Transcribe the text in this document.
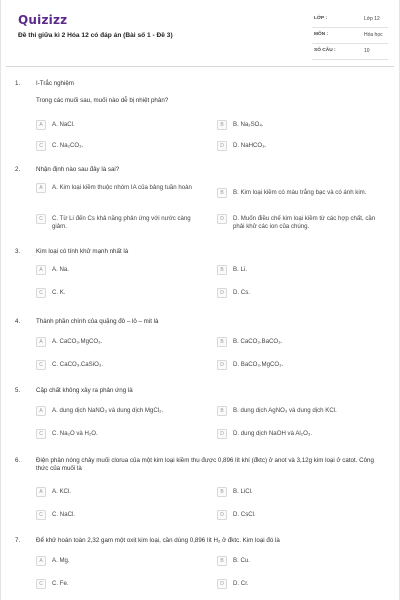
Quizizz
Đề thi giữa kì 2 Hóa 12 có đáp án (Bài số 1 - Đề 3)
LỚP :	Lớp 12
MÔN :	Hóa học
SỐ CÂU :	10
1.	I-Trắc nghiệm
Trong các muối sau, muối nào dễ bị nhiệt phân?
A	A. NaCl.	B	B. Na₂SO₄.
C	C. Na₂CO₃.	D	D. NaHCO₃.
2.	Nhận định nào sau đây là sai?
A	A. Kim loại kiềm thuộc nhóm IA của bảng tuần hoàn
B	B. Kim loại kiềm có màu trắng bạc và có ánh kim.
C	C. Từ Li đến Cs khả năng phản ứng với nước càng giảm.
D	D. Muốn điều chế kim loại kiềm từ các hợp chất, cần phải khử các ion của chúng.
3.	Kim loại có tính khử mạnh nhất là
A	A. Na.	B	B. Li.
C	C. K.	D	D. Cs.
4.	Thành phần chính của quặng đô – lô – mit là
A	A. CaCO₃.MgCO₃.	B	B. CaCO₃.BaCO₃.
C	C. CaCO₃.CaSiO₃.	D	D. BaCO₃.MgCO₃.
5.	Cặp chất không xảy ra phản ứng là
A	A. dung dịch NaNO₃ và dung dịch MgCl₂.	B	B. dung dịch AgNO₃ và dung dịch KCl.
C	C. Na₂O và H₂O.	D	D. dung dịch NaOH và Al₂O₃.
6.	Điện phân nóng chảy muối clorua của một kim loại kiềm thu được 0,896 lít khí (đktc) ở anot và 3,12g kim loại ở catot. Công thức của muối là
A	A. KCl.	B	B. LiCl.
C	C. NaCl.	D	D. CsCl.
7.	Để khử hoàn toàn 2,32 gam một oxit kim loại, cần dùng 0,896 lít H₂ ở đktc. Kim loại đó là
A	A. Mg.	B	B. Cu.
C	C. Fe.	D	D. Cr.
